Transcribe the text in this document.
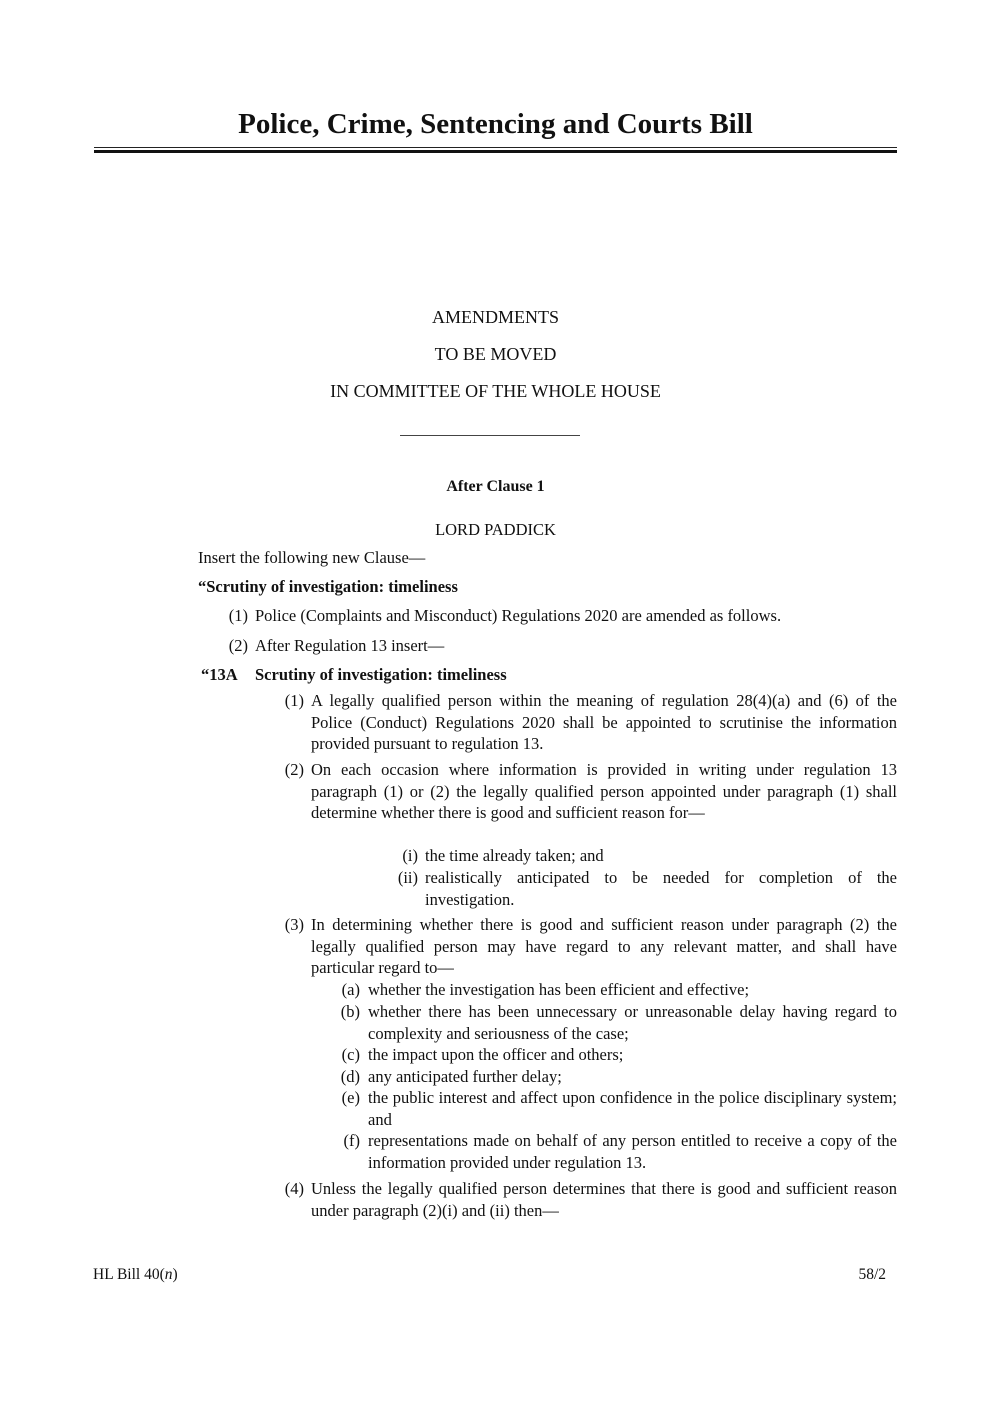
Police, Crime, Sentencing and Courts Bill
AMENDMENTS
TO BE MOVED
IN COMMITTEE OF THE WHOLE HOUSE
After Clause 1
LORD PADDICK
Insert the following new Clause—
“Scrutiny of investigation: timeliness
(1) Police (Complaints and Misconduct) Regulations 2020 are amended as follows.
(2) After Regulation 13 insert—
“13A Scrutiny of investigation: timeliness
(1) A legally qualified person within the meaning of regulation 28(4)(a) and (6) of the Police (Conduct) Regulations 2020 shall be appointed to scrutinise the information provided pursuant to regulation 13.
(2) On each occasion where information is provided in writing under regulation 13 paragraph (1) or (2) the legally qualified person appointed under paragraph (1) shall determine whether there is good and sufficient reason for—
(i) the time already taken; and
(ii) realistically anticipated to be needed for completion of the investigation.
(3) In determining whether there is good and sufficient reason under paragraph (2) the legally qualified person may have regard to any relevant matter, and shall have particular regard to—
(a) whether the investigation has been efficient and effective;
(b) whether there has been unnecessary or unreasonable delay having regard to complexity and seriousness of the case;
(c) the impact upon the officer and others;
(d) any anticipated further delay;
(e) the public interest and affect upon confidence in the police disciplinary system; and
(f) representations made on behalf of any person entitled to receive a copy of the information provided under regulation 13.
(4) Unless the legally qualified person determines that there is good and sufficient reason under paragraph (2)(i) and (ii) then—
HL Bill 40(n)	58/2
